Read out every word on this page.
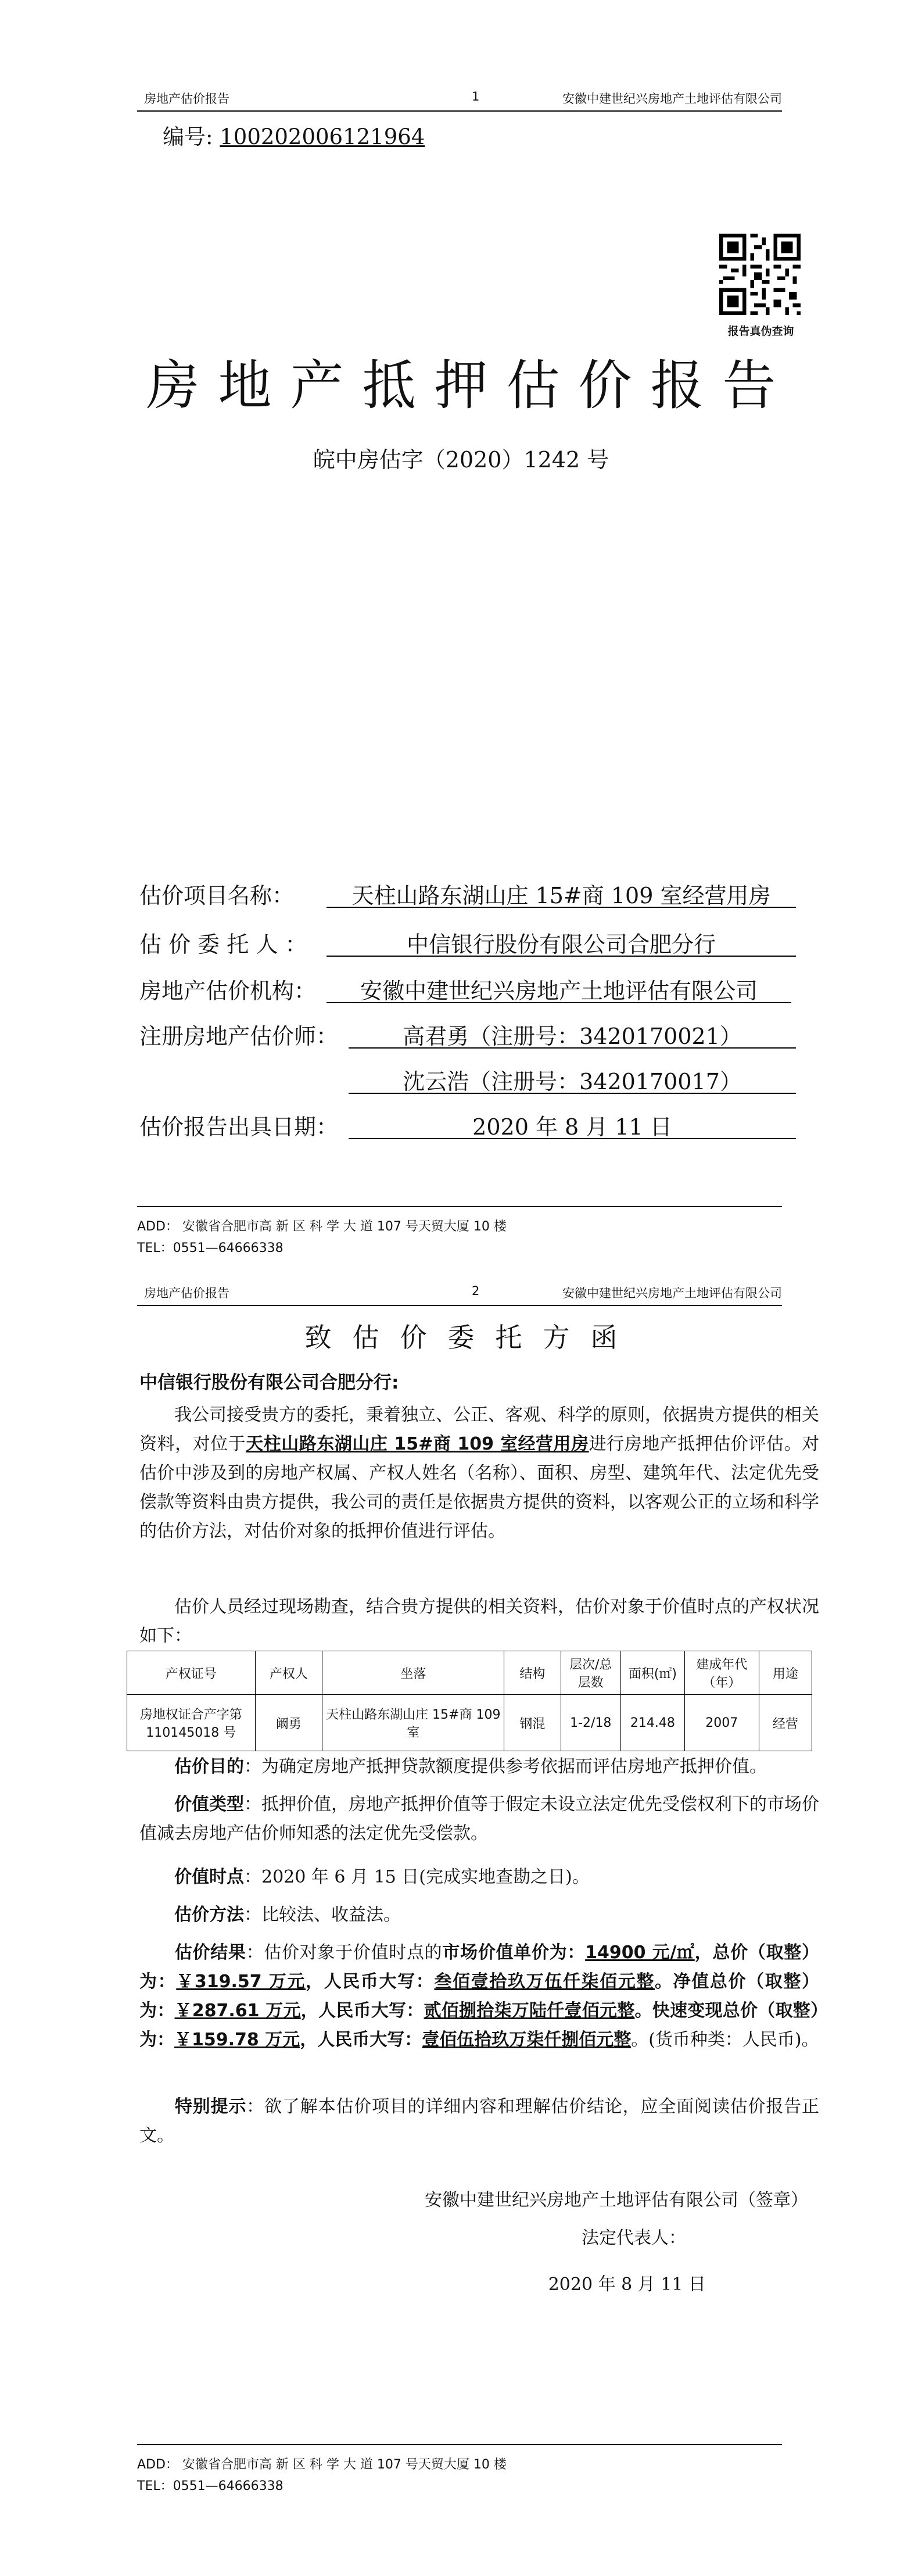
房地产估价报告	1	安徽中建世纪兴房地产土地评估有限公司
编号: 100202006121964
报告真伪查询
房地产抵押估价报告
皖中房估字（2020）1242 号
估价项目名称：	天柱山路东湖山庄 15#商 109 室经营用房
估 价 委 托 人 ：	中信银行股份有限公司合肥分行
房地产估价机构：	安徽中建世纪兴房地产土地评估有限公司
注册房地产估价师：	高君勇（注册号：3420170021）
沈云浩（注册号：3420170017）
估价报告出具日期：	2020 年 8 月 11 日
ADD： 安徽省合肥市高 新 区 科 学 大 道 107 号天贸大厦 10 楼
TEL：0551—64666338
房地产估价报告	2	安徽中建世纪兴房地产土地评估有限公司
致估价委托方函
中信银行股份有限公司合肥分行:
我公司接受贵方的委托，秉着独立、公正、客观、科学的原则，依据贵方提供的相关资料，对位于天柱山路东湖山庄 15#商 109 室经营用房进行房地产抵押估价评估。对估价中涉及到的房地产权属、产权人姓名（名称）、面积、房型、建筑年代、法定优先受偿款等资料由贵方提供，我公司的责任是依据贵方提供的资料，以客观公正的立场和科学的估价方法，对估价对象的抵押价值进行评估。
估价人员经过现场勘查，结合贵方提供的相关资料，估价对象于价值时点的产权状况如下：
产权证号	产权人	坐落	结构	层次/总层数	面积(㎡)	建成年代（年）	用途
房地权证合产字第 110145018 号	阚勇	天柱山路东湖山庄 15#商 109 室	钢混	1-2/18	214.48	2007	经营
估价目的：为确定房地产抵押贷款额度提供参考依据而评估房地产抵押价值。
价值类型：抵押价值，房地产抵押价值等于假定未设立法定优先受偿权利下的市场价值减去房地产估价师知悉的法定优先受偿款。
价值时点：2020 年 6 月 15 日(完成实地查勘之日)。
估价方法：比较法、收益法。
估价结果：估价对象于价值时点的市场价值单价为：14900 元/㎡，总价（取整）为：￥319.57 万元，人民币大写：叁佰壹拾玖万伍仟柒佰元整。净值总价（取整）为：￥287.61 万元，人民币大写：贰佰捌拾柒万陆仟壹佰元整。快速变现总价（取整）为：￥159.78 万元，人民币大写：壹佰伍拾玖万柒仟捌佰元整。(货币种类：人民币)。
特别提示：欲了解本估价项目的详细内容和理解估价结论，应全面阅读估价报告正文。
安徽中建世纪兴房地产土地评估有限公司（签章）
法定代表人：
2020 年 8 月 11 日
ADD： 安徽省合肥市高 新 区 科 学 大 道 107 号天贸大厦 10 楼
TEL：0551—64666338
